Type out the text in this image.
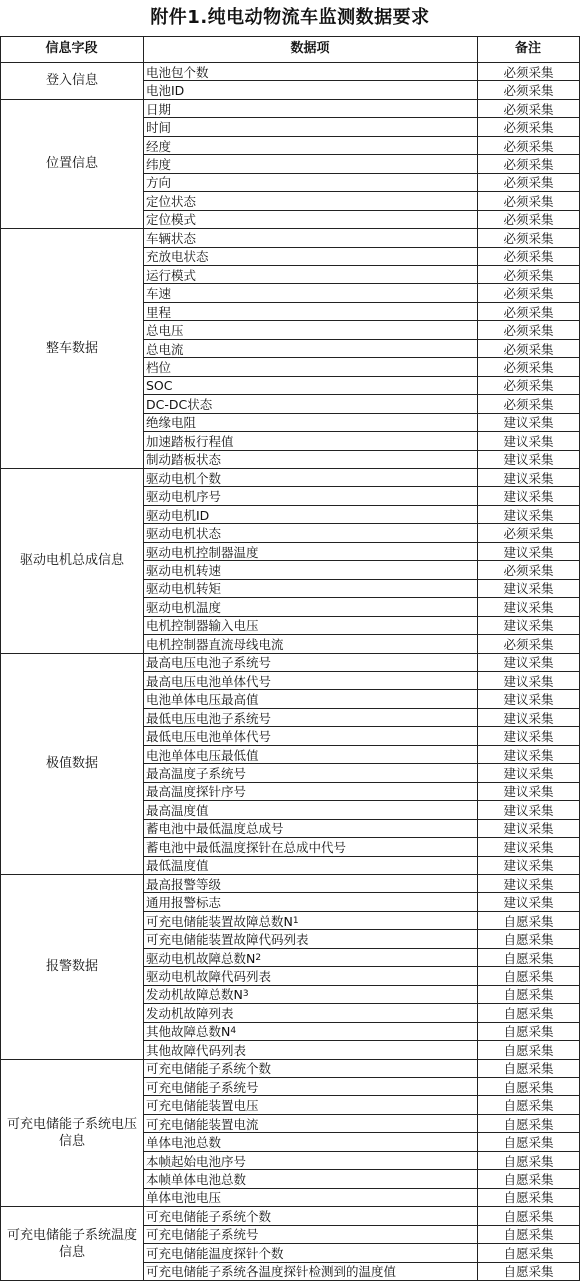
附件1.纯电动物流车监测数据要求
信息字段	数据项	备注
登入信息
电池包个数	必须采集
电池ID	必须采集
位置信息
日期	必须采集
时间	必须采集
经度	必须采集
纬度	必须采集
方向	必须采集
定位状态	必须采集
定位模式	必须采集
整车数据
车辆状态	必须采集
充放电状态	必须采集
运行模式	必须采集
车速	必须采集
里程	必须采集
总电压	必须采集
总电流	必须采集
档位	必须采集
SOC	必须采集
DC-DC状态	必须采集
绝缘电阻	建议采集
加速踏板行程值	建议采集
制动踏板状态	建议采集
驱动电机总成信息
驱动电机个数	建议采集
驱动电机序号	建议采集
驱动电机ID	建议采集
驱动电机状态	必须采集
驱动电机控制器温度	建议采集
驱动电机转速	必须采集
驱动电机转矩	建议采集
驱动电机温度	建议采集
电机控制器输入电压	建议采集
电机控制器直流母线电流	必须采集
极值数据
最高电压电池子系统号	建议采集
最高电压电池单体代号	建议采集
电池单体电压最高值	建议采集
最低电压电池子系统号	建议采集
最低电压电池单体代号	建议采集
电池单体电压最低值	建议采集
最高温度子系统号	建议采集
最高温度探针序号	建议采集
最高温度值	建议采集
蓄电池中最低温度总成号	建议采集
蓄电池中最低温度探针在总成中代号	建议采集
最低温度值	建议采集
报警数据
最高报警等级	建议采集
通用报警标志	建议采集
可充电储能装置故障总数N 1	自愿采集
可充电储能装置故障代码列表	自愿采集
驱动电机故障总数N 2	自愿采集
驱动电机故障代码列表	自愿采集
发动机故障总数N 3	自愿采集
发动机故障列表	自愿采集
其他故障总数N 4	自愿采集
其他故障代码列表	自愿采集
可充电储能子系统电压信息
可充电储能子系统个数	自愿采集
可充电储能子系统号	自愿采集
可充电储能装置电压	自愿采集
可充电储能装置电流	自愿采集
单体电池总数	自愿采集
本帧起始电池序号	自愿采集
本帧单体电池总数	自愿采集
单体电池电压	自愿采集
可充电储能子系统温度信息
可充电储能子系统个数	自愿采集
可充电储能子系统号	自愿采集
可充电储能温度探针个数	自愿采集
可充电储能子系统各温度探针检测到的温度值	自愿采集
